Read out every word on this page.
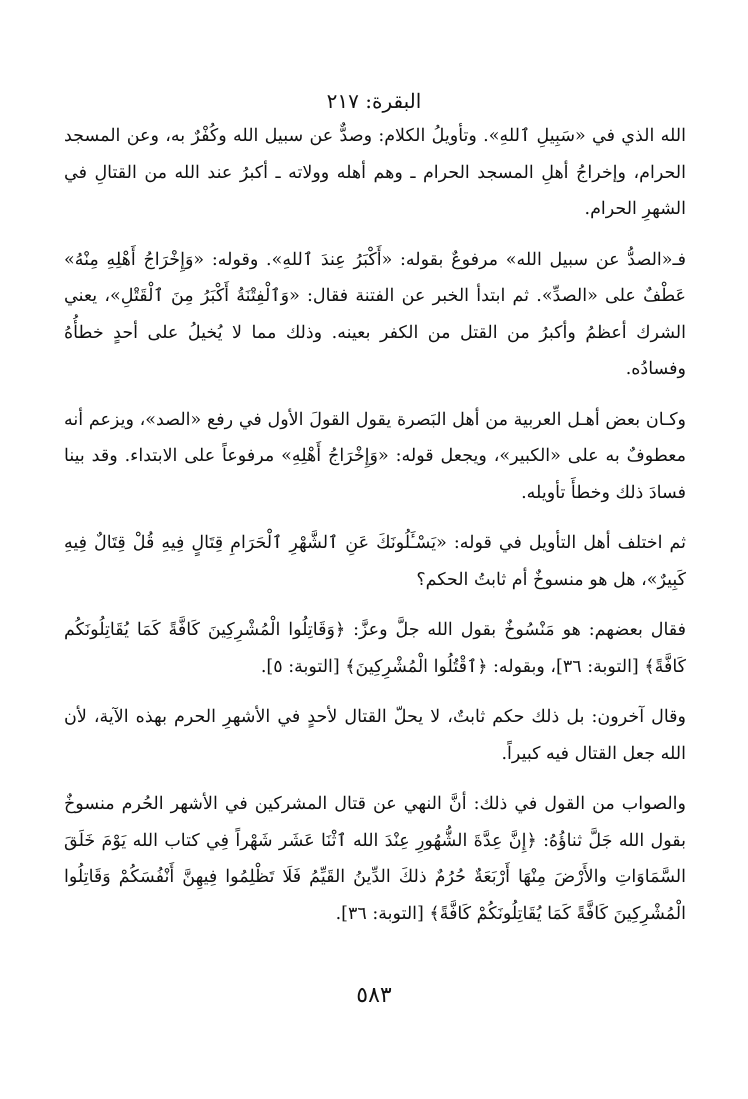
البقرة: ٢١٧

الله الذي في «سَبِيلِ ٱللهِ». وتأويلُ الكلام: وصدٌّ عن سبيل الله وكُفْرٌ به، وعن المسجد الحرام، وإخراجُ أهلِ المسجد الحرام ـ وهم أهله وولاته ـ أكبرُ عند الله من القتالِ في الشهرِ الحرام.

فـ«الصدُّ عن سبيل الله» مرفوعٌ بقوله: «أَكْبَرُ عِندَ ٱللهِ». وقوله: «وَإِخْرَاجُ أَهْلِهِ مِنْهُ» عَطْفٌ على «الصدِّ». ثم ابتدأ الخبر عن الفتنة فقال: «وَٱلْفِتْنَةُ أَكْبَرُ مِنَ ٱلْقَتْلِ»، يعني الشرك أعظمُ وأكبرُ من القتل من الكفر بعينه. وذلك مما لا يُخيلُ على أحدٍ خطأُهُ وفسادُه.

وكـان بعض أهـل العربية من أهل البَصرة يقول القولَ الأول في رفع «الصد»، ويزعم أنه معطوفٌ به على «الكبير»، ويجعل قوله: «وَإِخْرَاجُ أَهْلِهِ» مرفوعاً على الابتداء. وقد بينا فسادَ ذلك وخطأَ تأويله.

ثم اختلف أهل التأويل في قوله: «يَسْـَٔلُونَكَ عَنِ ٱلشَّهْرِ ٱلْحَرَامِ قِتَالٍ فِيهِ قُلْ قِتَالٌ فِيهِ كَبِيرٌ»، هل هو منسوخٌ أم ثابتُ الحكم؟

فقال بعضهم: هو مَنْسُوخٌ بقول الله جلَّ وعزَّ: ﴿وَقَاتِلُوا الْمُشْرِكِينَ كَافَّةً كَمَا يُقَاتِلُونَكُم كَافَّةً﴾ [التوبة: ٣٦]، وبقوله: ﴿ٱقْتُلُوا الْمُشْرِكِينَ﴾ [التوبة: ٥].

وقال آخرون: بل ذلك حكم ثابتٌ، لا يحلّ القتال لأحدٍ في الأشهرِ الحرم بهذه الآية، لأن الله جعل القتال فيه كبيراً.

والصواب من القول في ذلك: أنَّ النهي عن قتال المشركين في الأشهر الحُرم منسوخٌ بقول الله جَلَّ ثناؤُهُ: ﴿إِنَّ عِدَّةَ الشُّهُورِ عِنْدَ الله ٱثْنَا عَشَر شَهْراً فِي كتاب الله يَوْمَ خَلَقَ السَّمَاوَاتِ والأَرْضَ مِنْهَا أَرْبَعَةٌ حُرُمٌ ذلكَ الدِّينُ القَيِّمُ فَلَا تَظْلِمُوا فِيهِنَّ أَنْفُسَكُمْ وَقَاتِلُوا الْمُشْرِكِينَ كَافَّةً كَمَا يُقَاتِلُونَكُمْ كَافَّةً﴾ [التوبة: ٣٦].

٥٨٣
